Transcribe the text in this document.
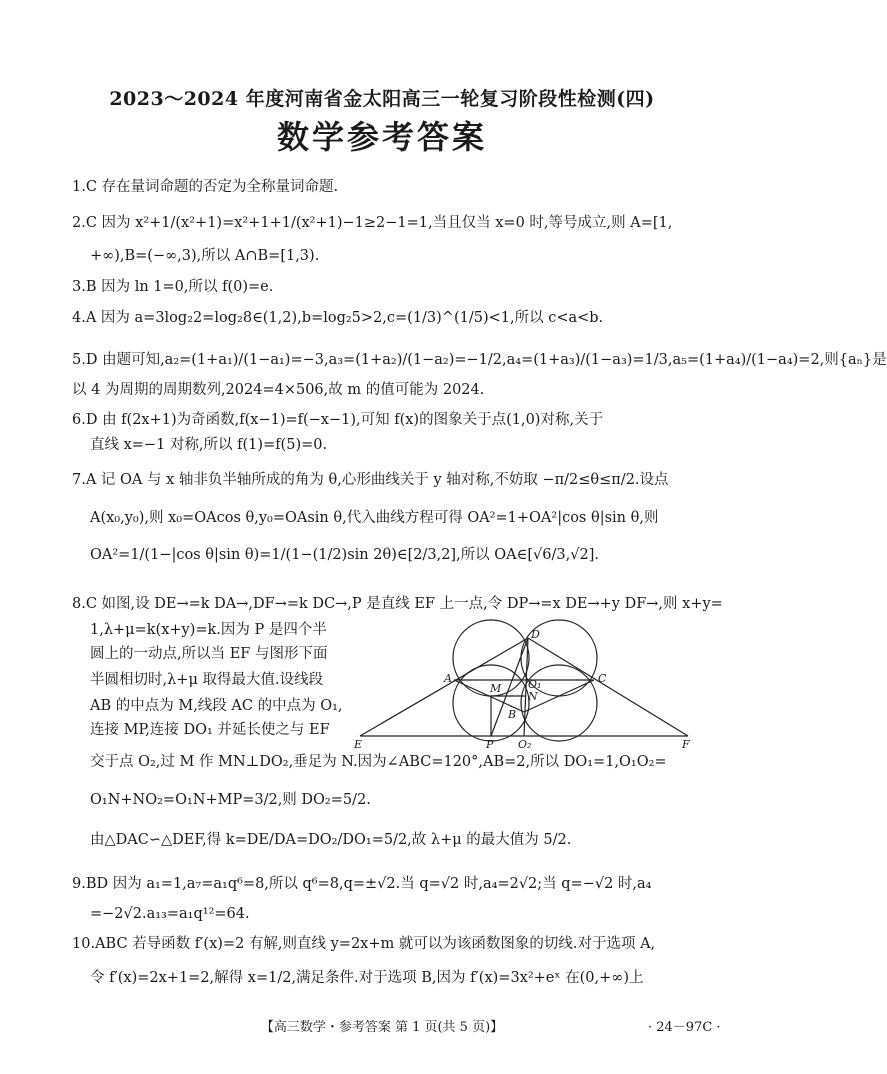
2023～2024 年度河南省金太阳高三一轮复习阶段性检测(四)
数学参考答案
1.C 存在量词命题的否定为全称量词命题.
2.C 因为 x²+1/(x²+1)=x²+1+1/(x²+1)−1≥2−1=1,当且仅当 x=0 时,等号成立,则 A=[1,
+∞),B=(−∞,3),所以 A∩B=[1,3).
3.B 因为 ln 1=0,所以 f(0)=e.
4.A 因为 a=3log₂2=log₂8∈(1,2),b=log₂5>2,c=(1/3)^(1/5)<1,所以 c<a<b.
5.D 由题可知,a₂=(1+a₁)/(1−a₁)=−3,a₃=(1+a₂)/(1−a₂)=−1/2,a₄=(1+a₃)/(1−a₃)=1/3,a₅=(1+a₄)/(1−a₄)=2,则{aₙ}是
以 4 为周期的周期数列,2024=4×506,故 m 的值可能为 2024.
6.D 由 f(2x+1)为奇函数,f(x−1)=f(−x−1),可知 f(x)的图象关于点(1,0)对称,关于
直线 x=−1 对称,所以 f(1)=f(5)=0.
7.A 记 OA 与 x 轴非负半轴所成的角为 θ,心形曲线关于 y 轴对称,不妨取 −π/2≤θ≤π/2.设点
A(x₀,y₀),则 x₀=OAcos θ,y₀=OAsin θ,代入曲线方程可得 OA²=1+OA²|cos θ|sin θ,则
OA²=1/(1−|cos θ|sin θ)=1/(1−(1/2)sin 2θ)∈[2/3,2],所以 OA∈[√6/3,√2].
8.C 如图,设 DE→=k DA→,DF→=k DC→,P 是直线 EF 上一点,令 DP→=x DE→+y DF→,则 x+y=
1,λ+μ=k(x+y)=k.因为 P 是四个半
圆上的一动点,所以当 EF 与图形下面
半圆相切时,λ+μ 取得最大值.设线段
AB 的中点为 M,线段 AC 的中点为 O₁,
连接 MP,连接 DO₁ 并延长使之与 EF
交于点 O₂,过 M 作 MN⊥DO₂,垂足为 N.因为∠ABC=120°,AB=2,所以 DO₁=1,O₁O₂=
O₁N+NO₂=O₁N+MP=3/2,则 DO₂=5/2.
由△DAC∽△DEF,得 k=DE/DA=DO₂/DO₁=5/2,故 λ+μ 的最大值为 5/2.
9.BD 因为 a₁=1,a₇=a₁q⁶=8,所以 q⁶=8,q=±√2.当 q=√2 时,a₄=2√2;当 q=−√2 时,a₄
=−2√2.a₁₃=a₁q¹²=64.
10.ABC 若导函数 f′(x)=2 有解,则直线 y=2x+m 就可以为该函数图象的切线.对于选项 A,
令 f′(x)=2x+1=2,解得 x=1/2,满足条件.对于选项 B,因为 f′(x)=3x²+eˣ 在(0,+∞)上
D
A	C
M O₁
N
B
E	P O₂	F
【高三数学・参考答案 第 1 页(共 5 页)】	· 24－97C ·
